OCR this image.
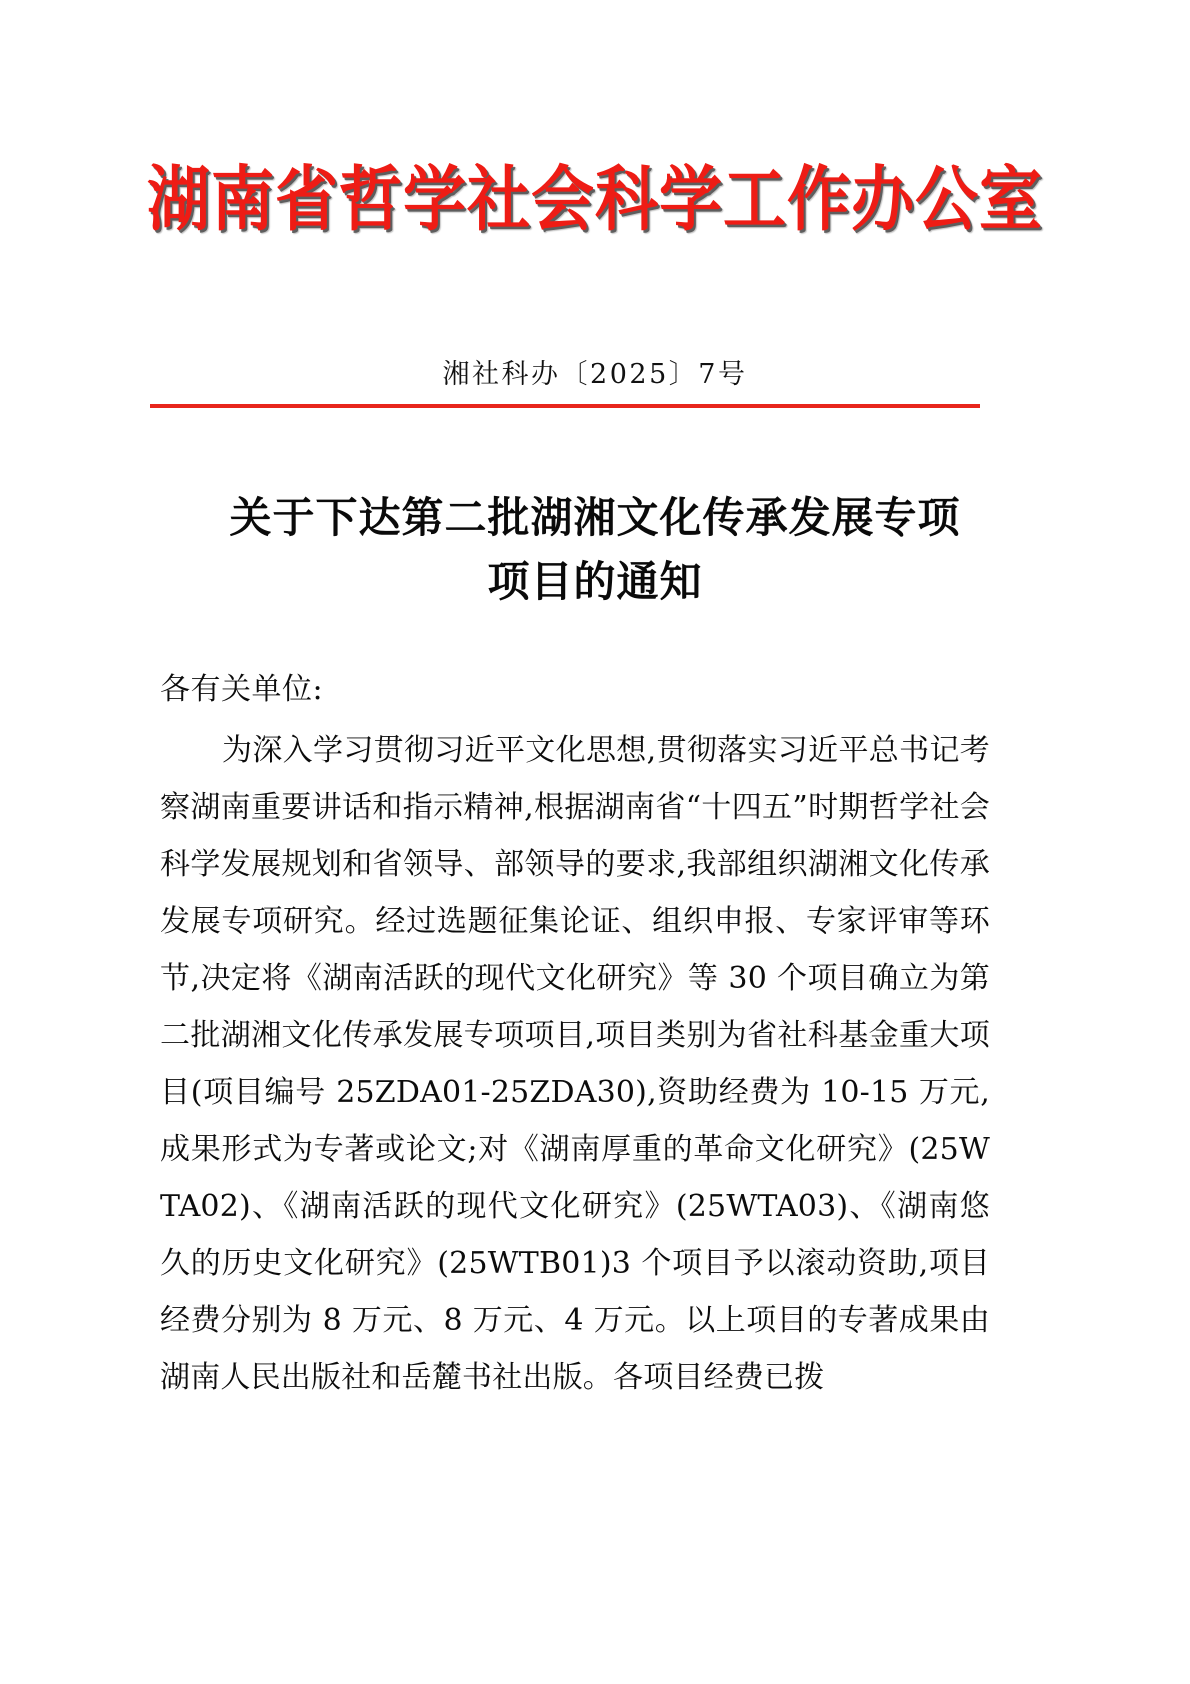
湖南省哲学社会科学工作办公室
湘社科办〔2025〕7号
关于下达第二批湖湘文化传承发展专项
项目的通知

各有关单位:

为深入学习贯彻习近平文化思想,贯彻落实习近平总书记考察湖南重要讲话和指示精神,根据湖南省“十四五”时期哲学社会科学发展规划和省领导、部领导的要求,我部组织湖湘文化传承发展专项研究。经过选题征集论证、组织申报、专家评审等环节,决定将《湖南活跃的现代文化研究》等 30 个项目确立为第二批湖湘文化传承发展专项项目,项目类别为省社科基金重大项目(项目编号 25ZDA01-25ZDA30),资助经费为 10-15 万元,成果形式为专著或论文;对《湖南厚重的革命文化研究》(25WTA02)、《湖南活跃的现代文化研究》(25WTA03)、《湖南悠久的历史文化研究》(25WTB01)3 个项目予以滚动资助,项目经费分别为 8 万元、8 万元、4 万元。以上项目的专著成果由湖南人民出版社和岳麓书社出版。各项目经费已拨
